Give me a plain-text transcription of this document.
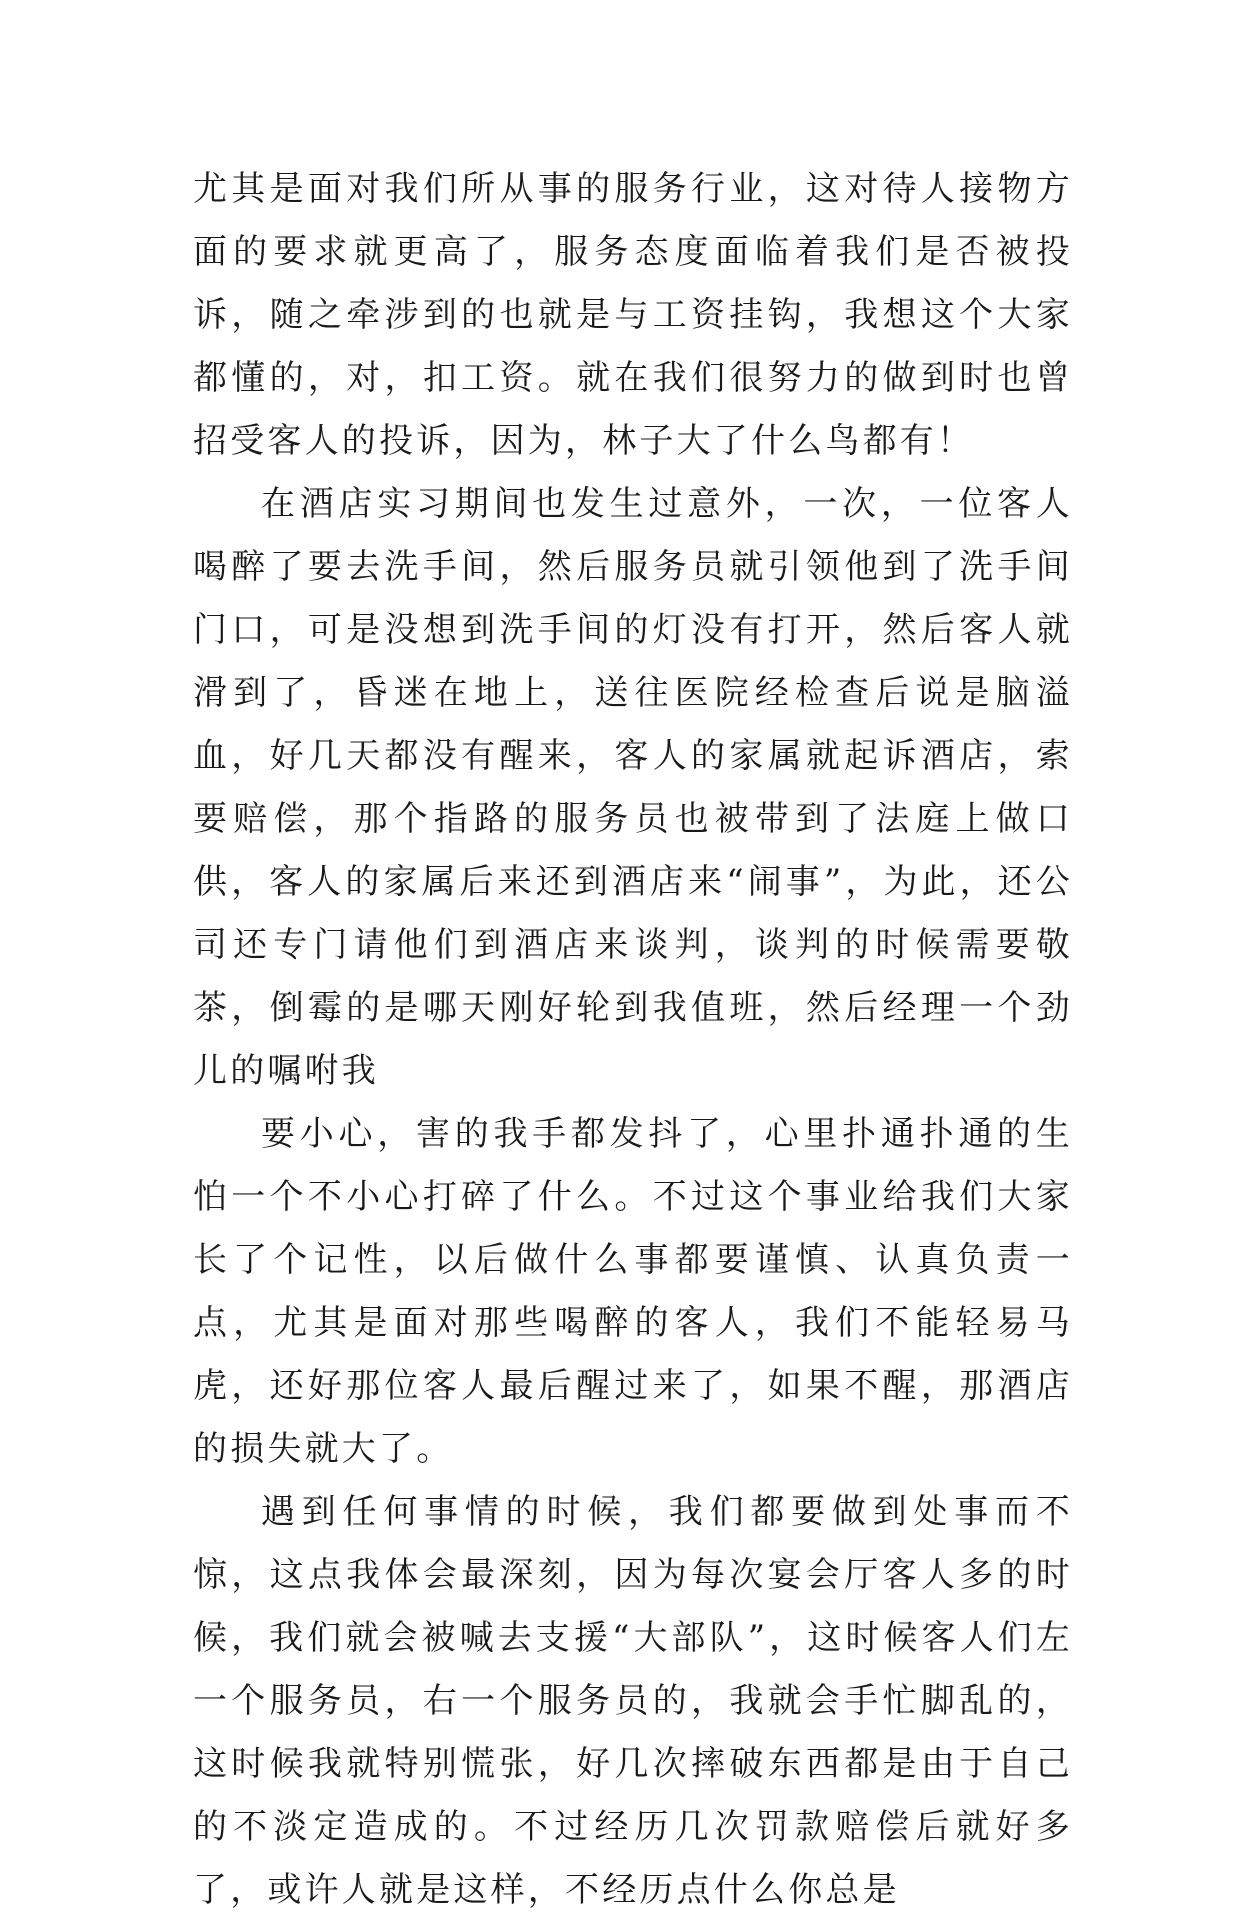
尤其是面对我们所从事的服务行业，这对待人接物方面的要求就更高了，服务态度面临着我们是否被投诉，随之牵涉到的也就是与工资挂钩，我想这个大家都懂的，对，扣工资。就在我们很努力的做到时也曾招受客人的投诉，因为，林子大了什么鸟都有！

在酒店实习期间也发生过意外，一次，一位客人喝醉了要去洗手间，然后服务员就引领他到了洗手间门口，可是没想到洗手间的灯没有打开，然后客人就滑到了，昏迷在地上，送往医院经检查后说是脑溢血，好几天都没有醒来，客人的家属就起诉酒店，索要赔偿，那个指路的服务员也被带到了法庭上做口供，客人的家属后来还到酒店来“闹事”，为此，还公司还专门请他们到酒店来谈判，谈判的时候需要敬茶，倒霉的是哪天刚好轮到我值班，然后经理一个劲儿的嘱咐我

要小心，害的我手都发抖了，心里扑通扑通的生怕一个不小心打碎了什么。不过这个事业给我们大家长了个记性，以后做什么事都要谨慎、认真负责一点，尤其是面对那些喝醉的客人，我们不能轻易马虎，还好那位客人最后醒过来了，如果不醒，那酒店的损失就大了。

遇到任何事情的时候，我们都要做到处事而不惊，这点我体会最深刻，因为每次宴会厅客人多的时候，我们就会被喊去支援“大部队”，这时候客人们左一个服务员，右一个服务员的，我就会手忙脚乱的，这时候我就特别慌张，好几次摔破东西都是由于自己的不淡定造成的。不过经历几次罚款赔偿后就好多了，或许人就是这样，不经历点什么你总是
